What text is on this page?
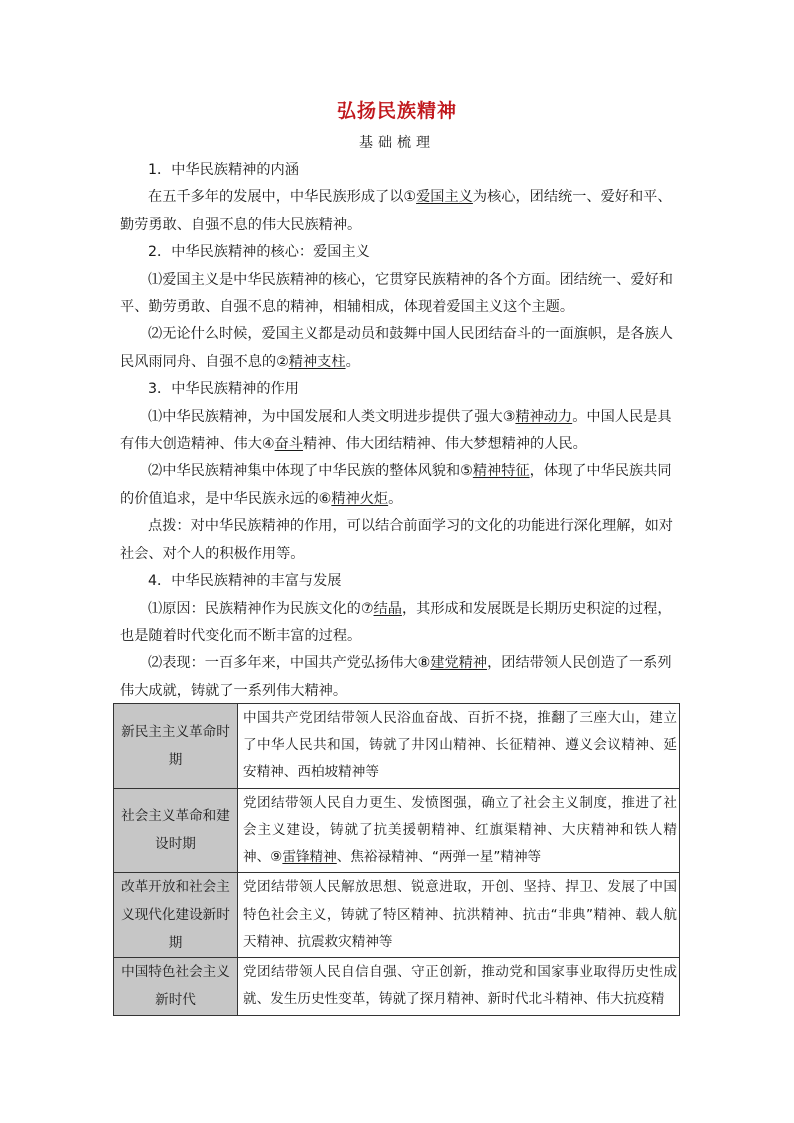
弘扬民族精神
基础梳理

1．中华民族精神的内涵

在五千多年的发展中，中华民族形成了以①爱国主义为核心，团结统一、爱好和平、勤劳勇敢、自强不息的伟大民族精神。

2．中华民族精神的核心：爱国主义

⑴爱国主义是中华民族精神的核心，它贯穿民族精神的各个方面。团结统一、爱好和平、勤劳勇敢、自强不息的精神，相辅相成，体现着爱国主义这个主题。

⑵无论什么时候，爱国主义都是动员和鼓舞中国人民团结奋斗的一面旗帜，是各族人民风雨同舟、自强不息的②精神支柱。

3．中华民族精神的作用

⑴中华民族精神，为中国发展和人类文明进步提供了强大③精神动力。中国人民是具有伟大创造精神、伟大④奋斗精神、伟大团结精神、伟大梦想精神的人民。

⑵中华民族精神集中体现了中华民族的整体风貌和⑤精神特征，体现了中华民族共同的价值追求，是中华民族永远的⑥精神火炬。

点拨：对中华民族精神的作用，可以结合前面学习的文化的功能进行深化理解，如对社会、对个人的积极作用等。

4．中华民族精神的丰富与发展

⑴原因：民族精神作为民族文化的⑦结晶，其形成和发展既是长期历史积淀的过程，也是随着时代变化而不断丰富的过程。

⑵表现：一百多年来，中国共产党弘扬伟大⑧建党精神，团结带领人民创造了一系列伟大成就，铸就了一系列伟大精神。

新民主主义革命时期	中国共产党团结带领人民浴血奋战、百折不挠，推翻了三座大山，建立了中华人民共和国，铸就了井冈山精神、长征精神、遵义会议精神、延安精神、西柏坡精神等
社会主义革命和建设时期	党团结带领人民自力更生、发愤图强，确立了社会主义制度，推进了社会主义建设，铸就了抗美援朝精神、红旗渠精神、大庆精神和铁人精神、⑨雷锋精神、焦裕禄精神、“两弹一星”精神等
改革开放和社会主义现代化建设新时期	党团结带领人民解放思想、锐意进取，开创、坚持、捍卫、发展了中国特色社会主义，铸就了特区精神、抗洪精神、抗击“非典”精神、载人航天精神、抗震救灾精神等
中国特色社会主义新时代	党团结带领人民自信自强、守正创新，推动党和国家事业取得历史性成就、发生历史性变革，铸就了探月精神、新时代北斗精神、伟大抗疫精
